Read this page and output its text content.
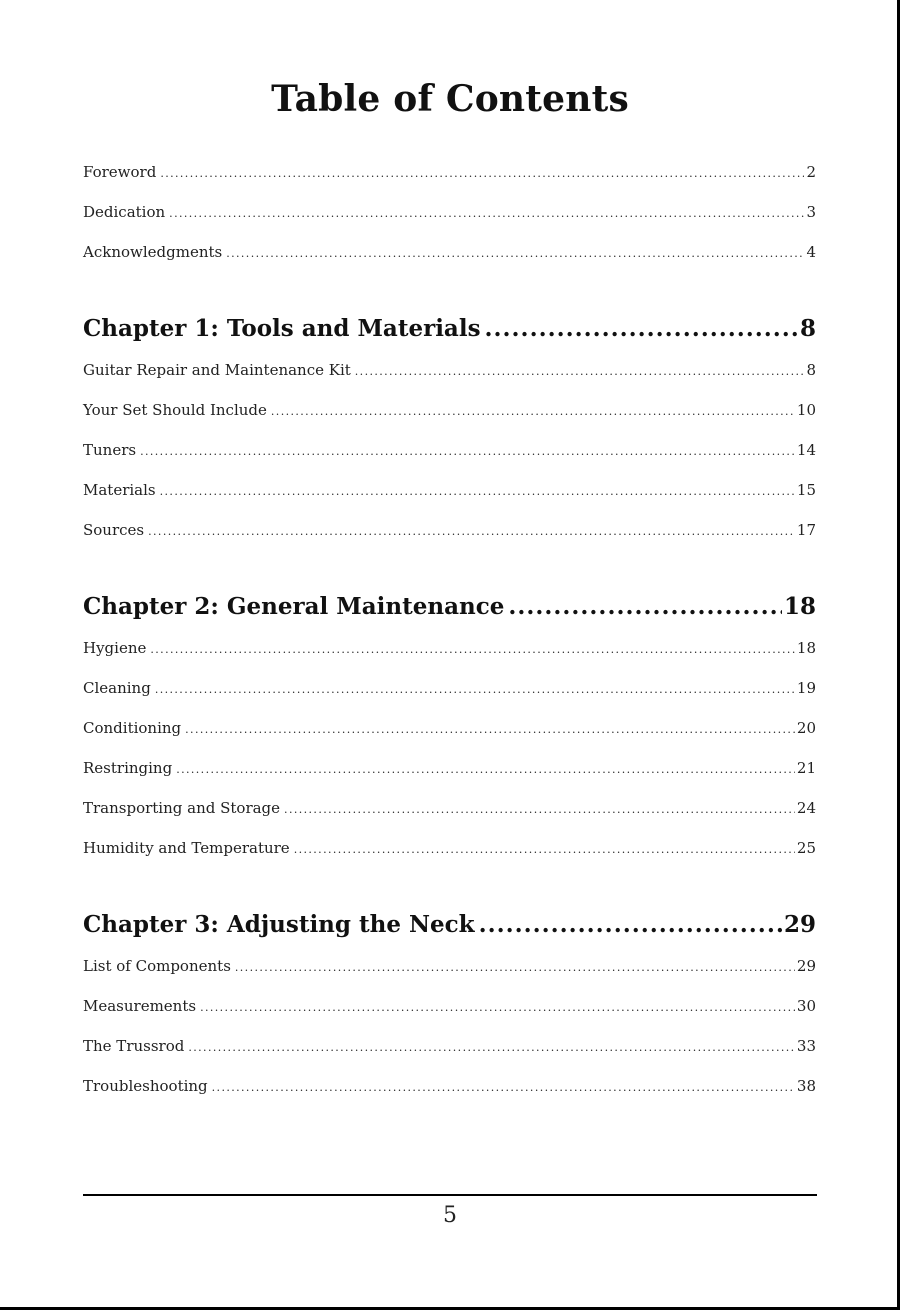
Table of Contents
Foreword .....	2
Dedication .....	3
Acknowledgments .....	4
Chapter 1: Tools and Materials .....	8
Guitar Repair and Maintenance Kit .....	8
Your Set Should Include .....	10
Tuners .....	14
Materials .....	15
Sources .....	17
Chapter 2: General Maintenance .....	18
Hygiene .....	18
Cleaning .....	19
Conditioning .....	20
Restringing .....	21
Transporting and Storage .....	24
Humidity and Temperature .....	25
Chapter 3: Adjusting the Neck .....	29
List of Components .....	29
Measurements .....	30
The Trussrod .....	33
Troubleshooting .....	38
5
